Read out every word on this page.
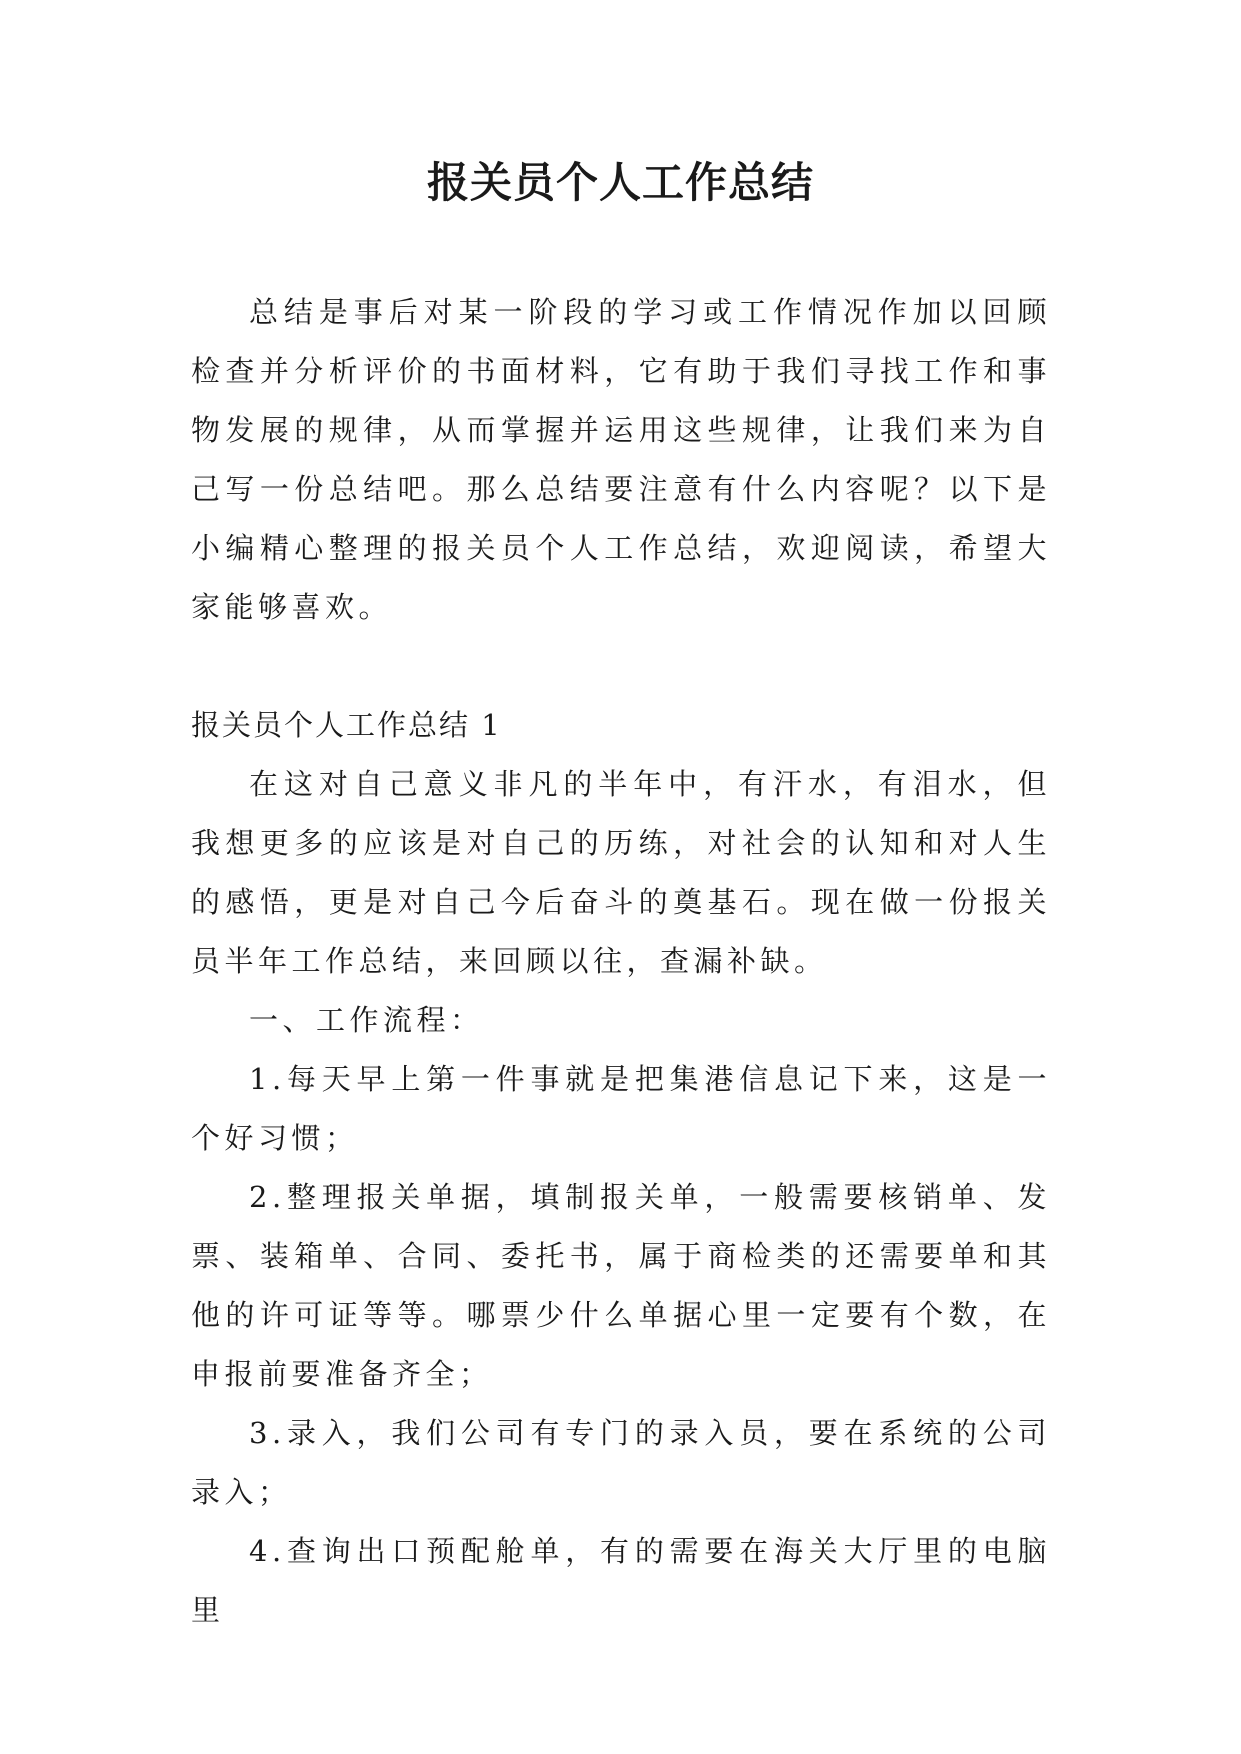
报关员个人工作总结

总结是事后对某一阶段的学习或工作情况作加以回顾检查并分析评价的书面材料，它有助于我们寻找工作和事物发展的规律，从而掌握并运用这些规律，让我们来为自己写一份总结吧。那么总结要注意有什么内容呢？以下是小编精心整理的报关员个人工作总结，欢迎阅读，希望大家能够喜欢。

报关员个人工作总结 1

在这对自己意义非凡的半年中，有汗水，有泪水，但我想更多的应该是对自己的历练，对社会的认知和对人生的感悟，更是对自己今后奋斗的奠基石。现在做一份报关员半年工作总结，来回顾以往，查漏补缺。

一、工作流程：

1.每天早上第一件事就是把集港信息记下来，这是一个好习惯；

2.整理报关单据，填制报关单，一般需要核销单、发票、装箱单、合同、委托书，属于商检类的还需要单和其他的许可证等等。哪票少什么单据心里一定要有个数，在申报前要准备齐全；

3.录入，我们公司有专门的录入员，要在系统的公司录入；

4.查询出口预配舱单，有的需要在海关大厅里的电脑里
